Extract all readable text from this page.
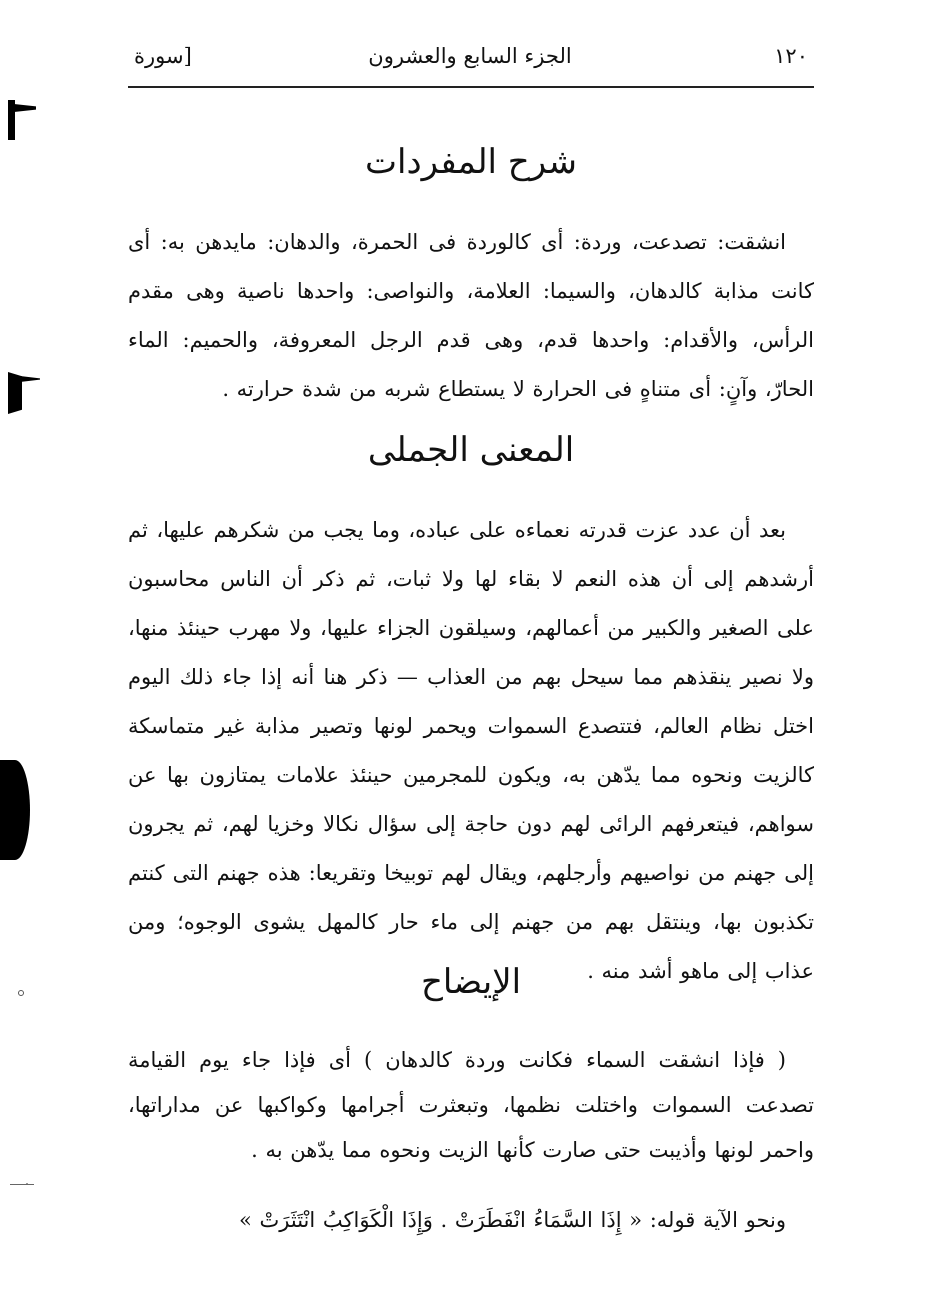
١٢٠
الجزء السابع والعشرون
[سورة
شرح المفردات

انشقت: تصدعت، وردة: أى كالوردة فى الحمرة، والدهان: مايدهن به: أى كانت مذابة كالدهان، والسيما: العلامة، والنواصى: واحدها ناصية وهى مقدم الرأس، والأقدام: واحدها قدم، وهى قدم الرجل المعروفة، والحميم: الماء الحارّ، وآنٍ: أى متناهٍ فى الحرارة لا يستطاع شربه من شدة حرارته .

المعنى الجملى

بعد أن عدد عزت قدرته نعماءه على عباده، وما يجب من شكرهم عليها، ثم أرشدهم إلى أن هذه النعم لا بقاء لها ولا ثبات، ثم ذكر أن الناس محاسبون على الصغير والكبير من أعمالهم، وسيلقون الجزاء عليها، ولا مهرب حينئذ منها، ولا نصير ينقذهم مما سيحل بهم من العذاب — ذكر هنا أنه إذا جاء ذلك اليوم اختل نظام العالم، فتتصدع السموات ويحمر لونها وتصير مذابة غير متماسكة كالزيت ونحوه مما يدّهن به، ويكون للمجرمين حينئذ علامات يمتازون بها عن سواهم، فيتعرفهم الرائى لهم دون حاجة إلى سؤال نكالا وخزيا لهم، ثم يجرون إلى جهنم من نواصيهم وأرجلهم، ويقال لهم توبيخا وتقريعا: هذه جهنم التى كنتم تكذبون بها، وينتقل بهم من جهنم إلى ماء حار كالمهل يشوى الوجوه؛ ومن عذاب إلى ماهو أشد منه .

الإيضاح

( فإذا انشقت السماء فكانت وردة كالدهان ) أى فإذا جاء يوم القيامة تصدعت السموات واختلت نظمها، وتبعثرت أجرامها وكواكبها عن مداراتها، واحمر لونها وأذيبت حتى صارت كأنها الزيت ونحوه مما يدّهن به .

ونحو الآية قوله: « إِذَا السَّمَاءُ انْفَطَرَتْ . وَإِذَا الْكَوَاكِبُ انْتَثَرَتْ »
